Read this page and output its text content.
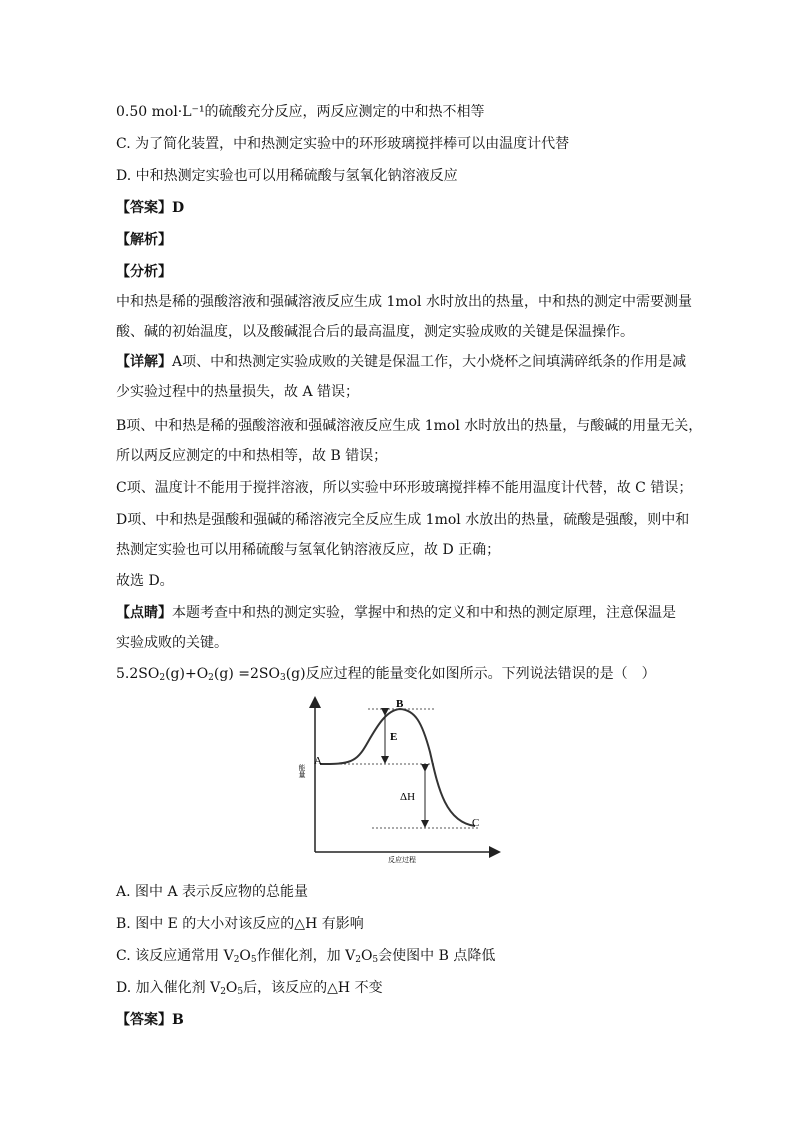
0.50 mol·L⁻¹的硫酸充分反应，两反应测定的中和热不相等
C. 为了简化装置，中和热测定实验中的环形玻璃搅拌棒可以由温度计代替
D. 中和热测定实验也可以用稀硫酸与氢氧化钠溶液反应
【答案】D
【解析】
【分析】
中和热是稀的强酸溶液和强碱溶液反应生成 1mol 水时放出的热量，中和热的测定中需要测量
酸、碱的初始温度，以及酸碱混合后的最高温度，测定实验成败的关键是保温操作。
【详解】A项、中和热测定实验成败的关键是保温工作，大小烧杯之间填满碎纸条的作用是减
少实验过程中的热量损失，故 A 错误；
B项、中和热是稀的强酸溶液和强碱溶液反应生成 1mol 水时放出的热量，与酸碱的用量无关，
所以两反应测定的中和热相等，故 B 错误；
C项、温度计不能用于搅拌溶液，所以实验中环形玻璃搅拌棒不能用温度计代替，故 C 错误；
D项、中和热是强酸和强碱的稀溶液完全反应生成 1mol 水放出的热量，硫酸是强酸，则中和
热测定实验也可以用稀硫酸与氢氧化钠溶液反应，故 D 正确；
故选 D。
【点睛】本题考查中和热的测定实验，掌握中和热的定义和中和热的测定原理，注意保温是
实验成败的关键。
$5.2SO_2(g)+O_2(g) =2SO_3(g)$反应过程的能量变化如图所示。下列说法错误的是（　）
B
A
C
E
ΔH
能量
反应过程
A. 图中 A 表示反应物的总能量
B. 图中 E 的大小对该反应的△H 有影响
C. 该反应通常用 $V_2O_5$作催化剂，加 $V_2O_5$会使图中 B 点降低
D. 加入催化剂 $V_2O_5$后，该反应的△H 不变
【答案】B
